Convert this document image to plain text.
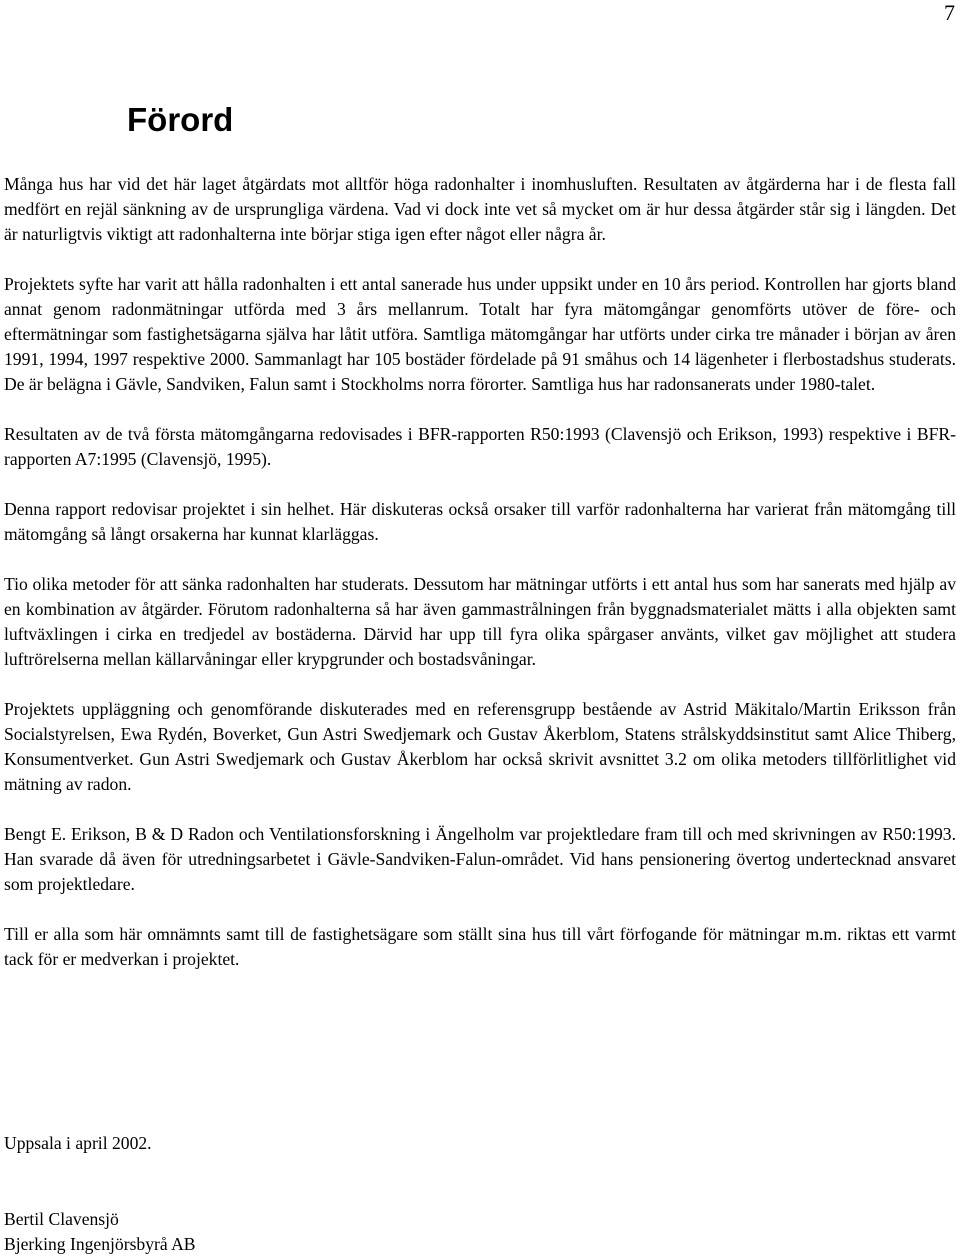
7
Förord

Många hus har vid det här laget åtgärdats mot alltför höga radonhalter i inomhusluften. Resultaten av åtgärderna har i de flesta fall medfört en rejäl sänkning av de ursprungliga värdena. Vad vi dock inte vet så mycket om är hur dessa åtgärder står sig i längden. Det är naturligtvis viktigt att radonhalterna inte börjar stiga igen efter något eller några år.

Projektets syfte har varit att hålla radonhalten i ett antal sanerade hus under uppsikt under en 10 års period. Kontrollen har gjorts bland annat genom radonmätningar utförda med 3 års mellanrum. Totalt har fyra mätomgångar genomförts utöver de före- och eftermätningar som fastighetsägarna själva har låtit utföra. Samtliga mätomgångar har utförts under cirka tre månader i början av åren 1991, 1994, 1997 respektive 2000. Sammanlagt har 105 bostäder fördelade på 91 småhus och 14 lägenheter i flerbostadshus studerats. De är belägna i Gävle, Sandviken, Falun samt i Stockholms norra förorter. Samtliga hus har radonsanerats under 1980-talet.

Resultaten av de två första mätomgångarna redovisades i BFR-rapporten R50:1993 (Clavensjö och Erikson, 1993) respektive i BFR-rapporten A7:1995 (Clavensjö, 1995).

Denna rapport redovisar projektet i sin helhet. Här diskuteras också orsaker till varför radonhalterna har varierat från mätomgång till mätomgång så långt orsakerna har kunnat klarläggas.

Tio olika metoder för att sänka radonhalten har studerats. Dessutom har mätningar utförts i ett antal hus som har sanerats med hjälp av en kombination av åtgärder. Förutom radonhalterna så har även gammastrålningen från byggnadsmaterialet mätts i alla objekten samt luftväxlingen i cirka en tredjedel av bostäderna. Därvid har upp till fyra olika spårgaser använts, vilket gav möjlighet att studera luftrörelserna mellan källarvåningar eller krypgrunder och bostadsvåningar.

Projektets uppläggning och genomförande diskuterades med en referensgrupp bestående av Astrid Mäkitalo/Martin Eriksson från Socialstyrelsen, Ewa Rydén, Boverket, Gun Astri Swedjemark och Gustav Åkerblom, Statens strålskyddsinstitut samt Alice Thiberg, Konsumentverket. Gun Astri Swedjemark och Gustav Åkerblom har också skrivit avsnittet 3.2 om olika metoders tillförlitlighet vid mätning av radon.

Bengt E. Erikson, B & D Radon och Ventilationsforskning i Ängelholm var projektledare fram till och med skrivningen av R50:1993. Han svarade då även för utredningsarbetet i Gävle-Sandviken-Falun-området. Vid hans pensionering övertog undertecknad ansvaret som projektledare.

Till er alla som här omnämnts samt till de fastighetsägare som ställt sina hus till vårt förfogande för mätningar m.m. riktas ett varmt tack för er medverkan i projektet.

Uppsala i april 2002.
Bertil Clavensjö
Bjerking Ingenjörsbyrå AB
